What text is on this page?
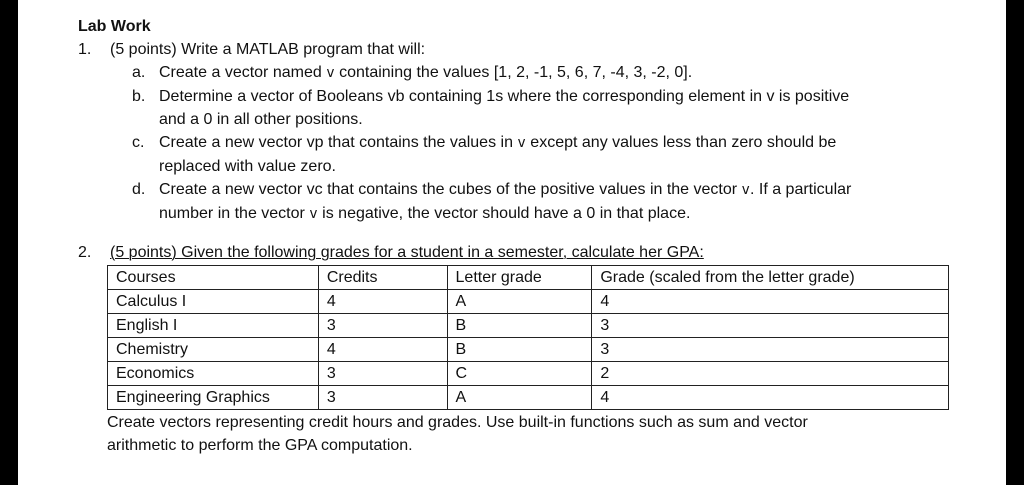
Lab Work
1.	(5 points) Write a MATLAB program that will:
a. Create a vector named v containing the values [1, 2, -1, 5, 6, 7, -4, 3, -2, 0].
b. Determine a vector of Booleans vb containing 1s where the corresponding element in v is positive
and a 0 in all other positions.
c. Create a new vector vp that contains the values in v except any values less than zero should be
replaced with value zero.
d. Create a new vector vc that contains the cubes of the positive values in the vector v. If a particular
number in the vector v is negative, the vector should have a 0 in that place.
2.	(5 points) Given the following grades for a student in a semester, calculate her GPA:
Courses	Credits	Letter grade	Grade (scaled from the letter grade)
Calculus I	4	A	4
English I	3	B	3
Chemistry	4	B	3
Economics	3	C	2
Engineering Graphics	3	A	4
Create vectors representing credit hours and grades. Use built-in functions such as sum and vector
arithmetic to perform the GPA computation.
